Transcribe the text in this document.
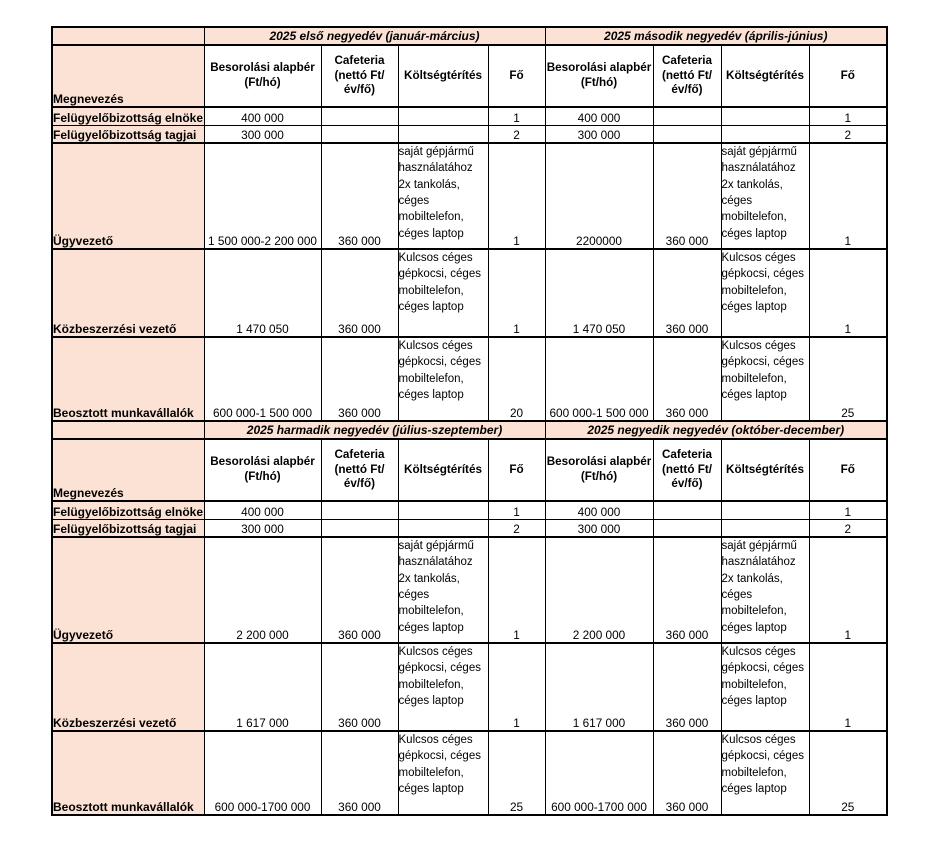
	2025 első negyedév (január-március)				2025 második negyedév (április-június)			
Megnevezés	Besorolási alapbér (Ft/hó)	Cafeteria (nettó Ft/év/fő)	Költségtérítés	Fő	Besorolási alapbér (Ft/hó)	Cafeteria (nettó Ft/év/fő)	Költségtérítés	Fő
Felügyelőbizottság elnöke	400 000			1	400 000			1
Felügyelőbizottság tagjai	300 000			2	300 000			2
Ügyvezető	1 500 000-2 200 000	360 000	saját gépjármű használatához 2x tankolás, céges mobiltelefon, céges laptop	1	2200000	360 000	saját gépjármű használatához 2x tankolás, céges mobiltelefon, céges laptop	1
Közbeszerzési vezető	1 470 050	360 000	Kulcsos céges gépkocsi, céges mobiltelefon, céges laptop	1	1 470 050	360 000	Kulcsos céges gépkocsi, céges mobiltelefon, céges laptop	1
Beosztott munkavállalók	600 000-1 500 000	360 000	Kulcsos céges gépkocsi, céges mobiltelefon, céges laptop	20	600 000-1 500 000	360 000	Kulcsos céges gépkocsi, céges mobiltelefon, céges laptop	25
	2025 harmadik negyedév (július-szeptember)				2025 negyedik negyedév (október-december)			
Megnevezés	Besorolási alapbér (Ft/hó)	Cafeteria (nettó Ft/év/fő)	Költségtérítés	Fő	Besorolási alapbér (Ft/hó)	Cafeteria (nettó Ft/év/fő)	Költségtérítés	Fő
Felügyelőbizottság elnöke	400 000			1	400 000			1
Felügyelőbizottság tagjai	300 000			2	300 000			2
Ügyvezető	2 200 000	360 000	saját gépjármű használatához 2x tankolás, céges mobiltelefon, céges laptop	1	2 200 000	360 000	saját gépjármű használatához 2x tankolás, céges mobiltelefon, céges laptop	1
Közbeszerzési vezető	1 617 000	360 000	Kulcsos céges gépkocsi, céges mobiltelefon, céges laptop	1	1 617 000	360 000	Kulcsos céges gépkocsi, céges mobiltelefon, céges laptop	1
Beosztott munkavállalók	600 000-1700 000	360 000	Kulcsos céges gépkocsi, céges mobiltelefon, céges laptop	25	600 000-1700 000	360 000	Kulcsos céges gépkocsi, céges mobiltelefon, céges laptop	25
